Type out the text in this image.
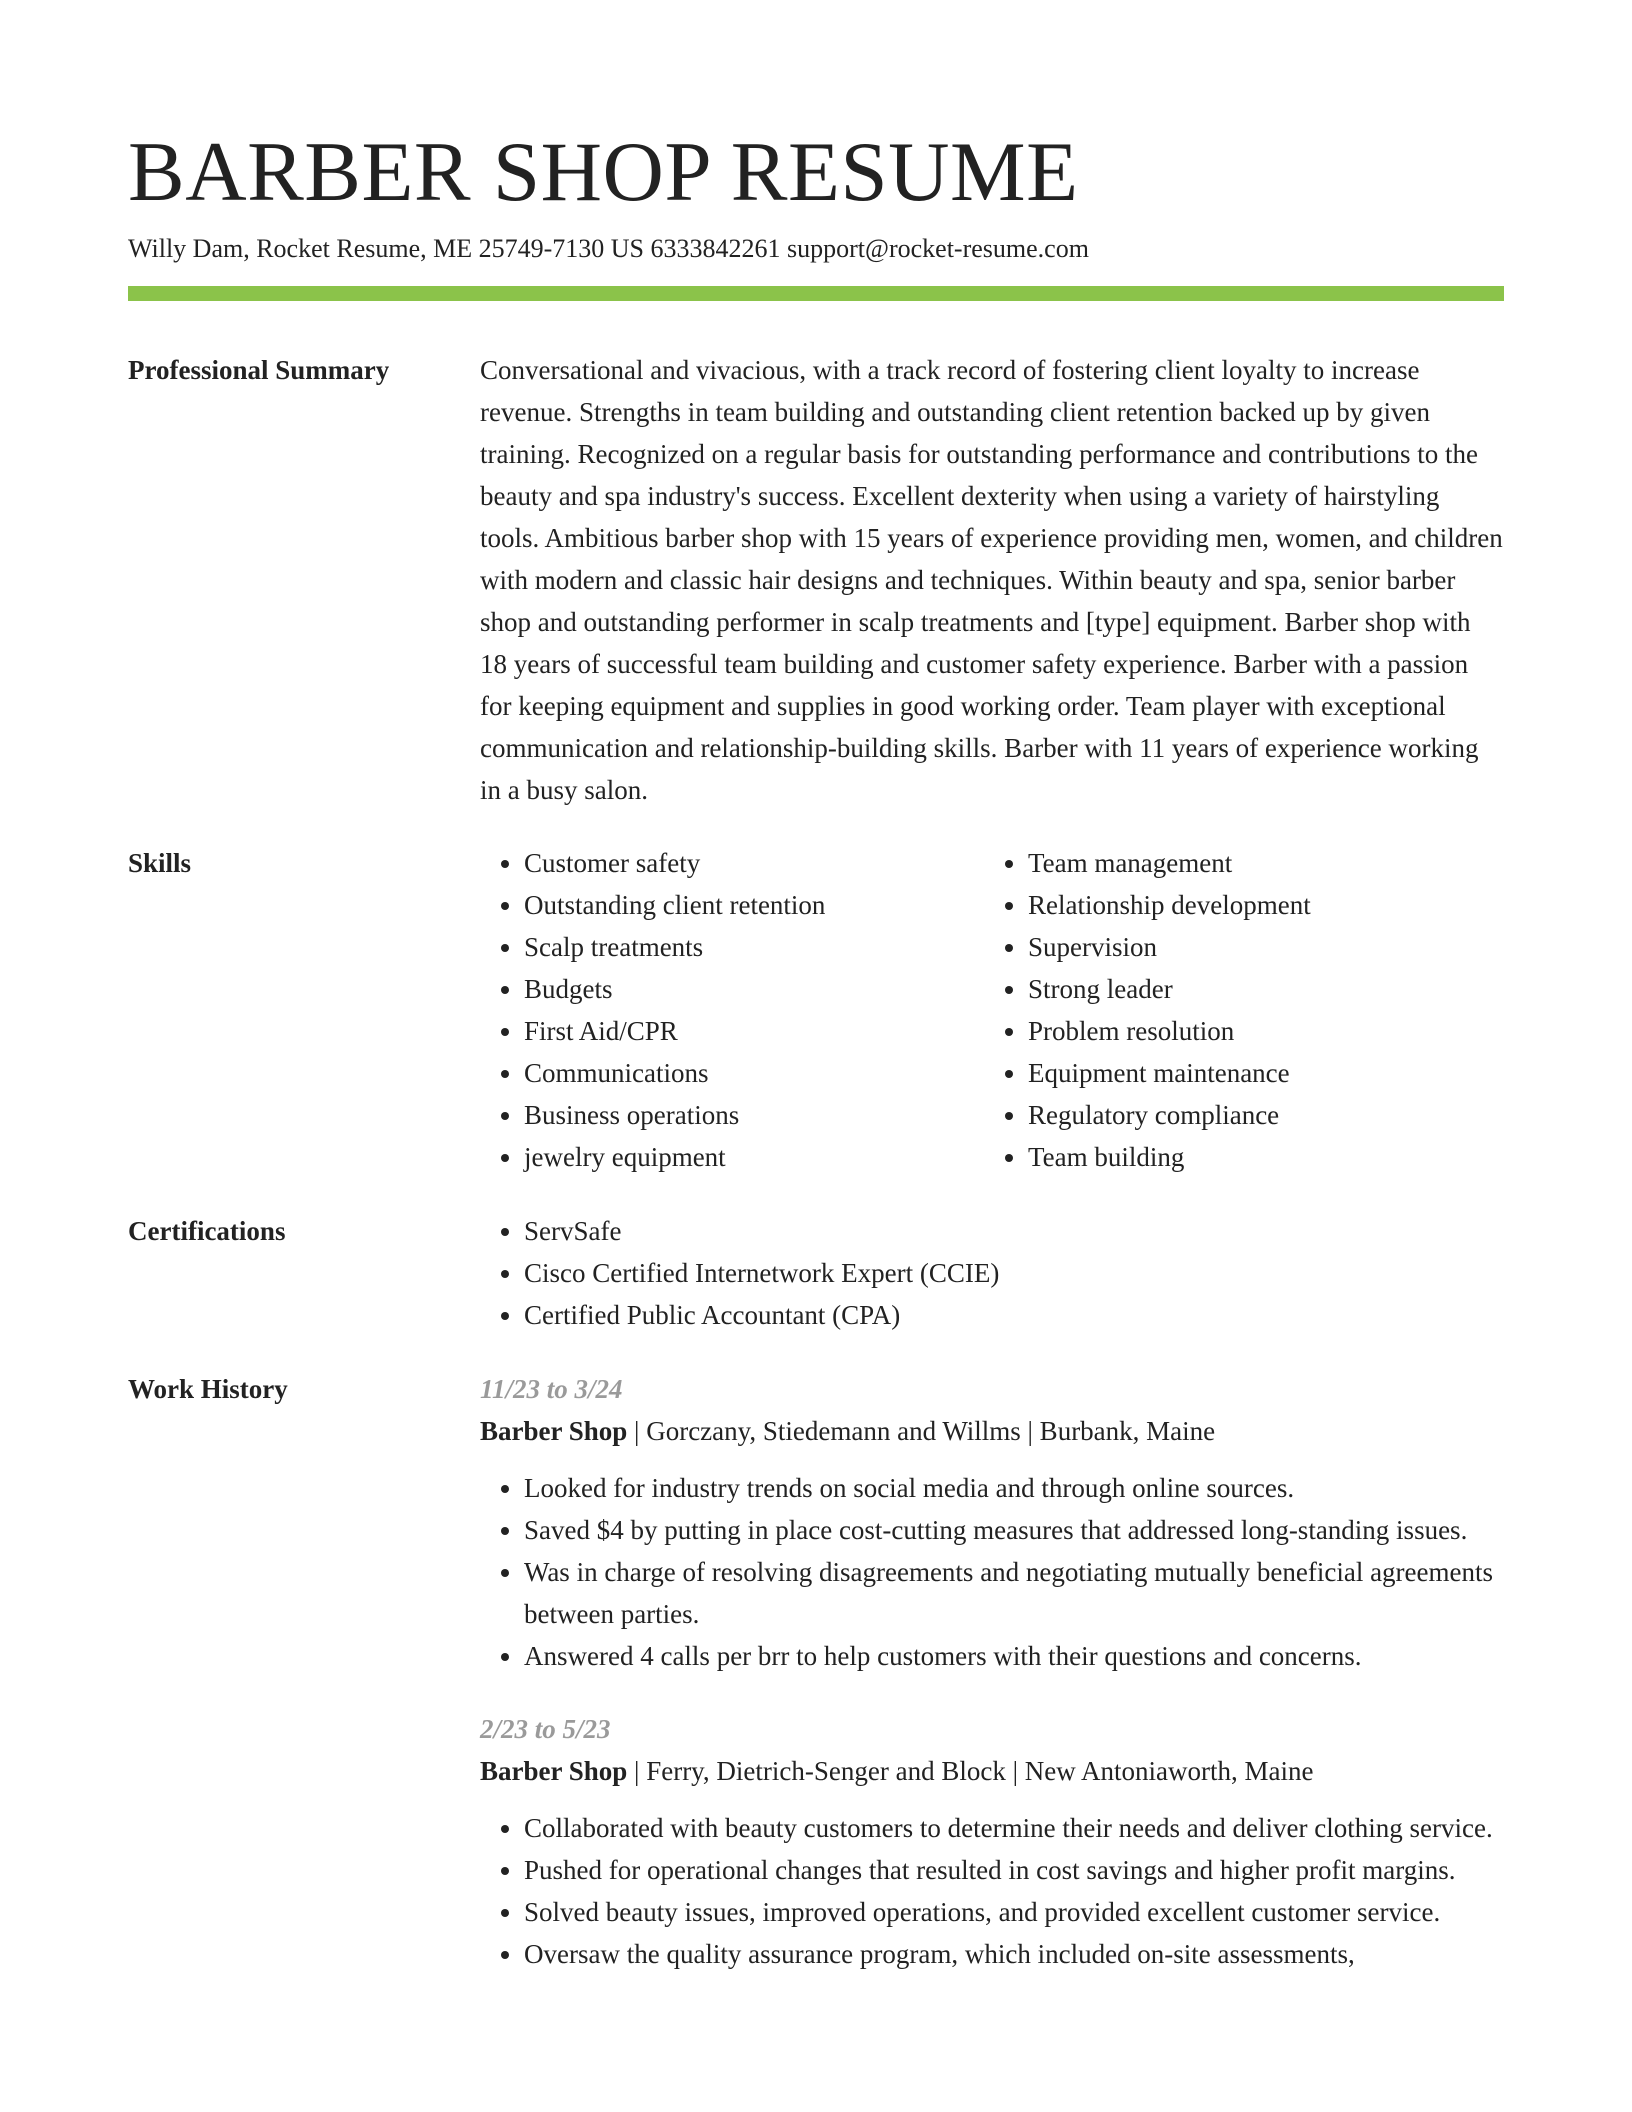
BARBER SHOP RESUME
Willy Dam, Rocket Resume, ME 25749-7130 US 6333842261 support@rocket-resume.com
Professional Summary	Conversational and vivacious, with a track record of fostering client loyalty to increase revenue. Strengths in team building and outstanding client retention backed up by given training. Recognized on a regular basis for outstanding performance and contributions to the beauty and spa industry's success. Excellent dexterity when using a variety of hairstyling tools. Ambitious barber shop with 15 years of experience providing men, women, and children with modern and classic hair designs and techniques. Within beauty and spa, senior barber shop and outstanding performer in scalp treatments and [type] equipment. Barber shop with 18 years of successful team building and customer safety experience. Barber with a passion for keeping equipment and supplies in good working order. Team player with exceptional communication and relationship-building skills. Barber with 11 years of experience working in a busy salon.

Skills	• Customer safety
• Outstanding client retention
• Scalp treatments
• Budgets
• First Aid/CPR
• Communications
• Business operations
• jewelry equipment
• Team management
• Relationship development
• Supervision
• Strong leader
• Problem resolution
• Equipment maintenance
• Regulatory compliance
• Team building
Certifications	• ServSafe
• Cisco Certified Internetwork Expert (CCIE)
• Certified Public Accountant (CPA)
Work History	11/23 to 3/24
Barber Shop | Gorczany, Stiedemann and Willms | Burbank, Maine
• Looked for industry trends on social media and through online sources.
• Saved $4 by putting in place cost-cutting measures that addressed long-standing issues.
• Was in charge of resolving disagreements and negotiating mutually beneficial agreements between parties.
• Answered 4 calls per brr to help customers with their questions and concerns.
2/23 to 5/23
Barber Shop | Ferry, Dietrich-Senger and Block | New Antoniaworth, Maine
• Collaborated with beauty customers to determine their needs and deliver clothing service.
• Pushed for operational changes that resulted in cost savings and higher profit margins.
• Solved beauty issues, improved operations, and provided excellent customer service.
• Oversaw the quality assurance program, which included on-site assessments,
